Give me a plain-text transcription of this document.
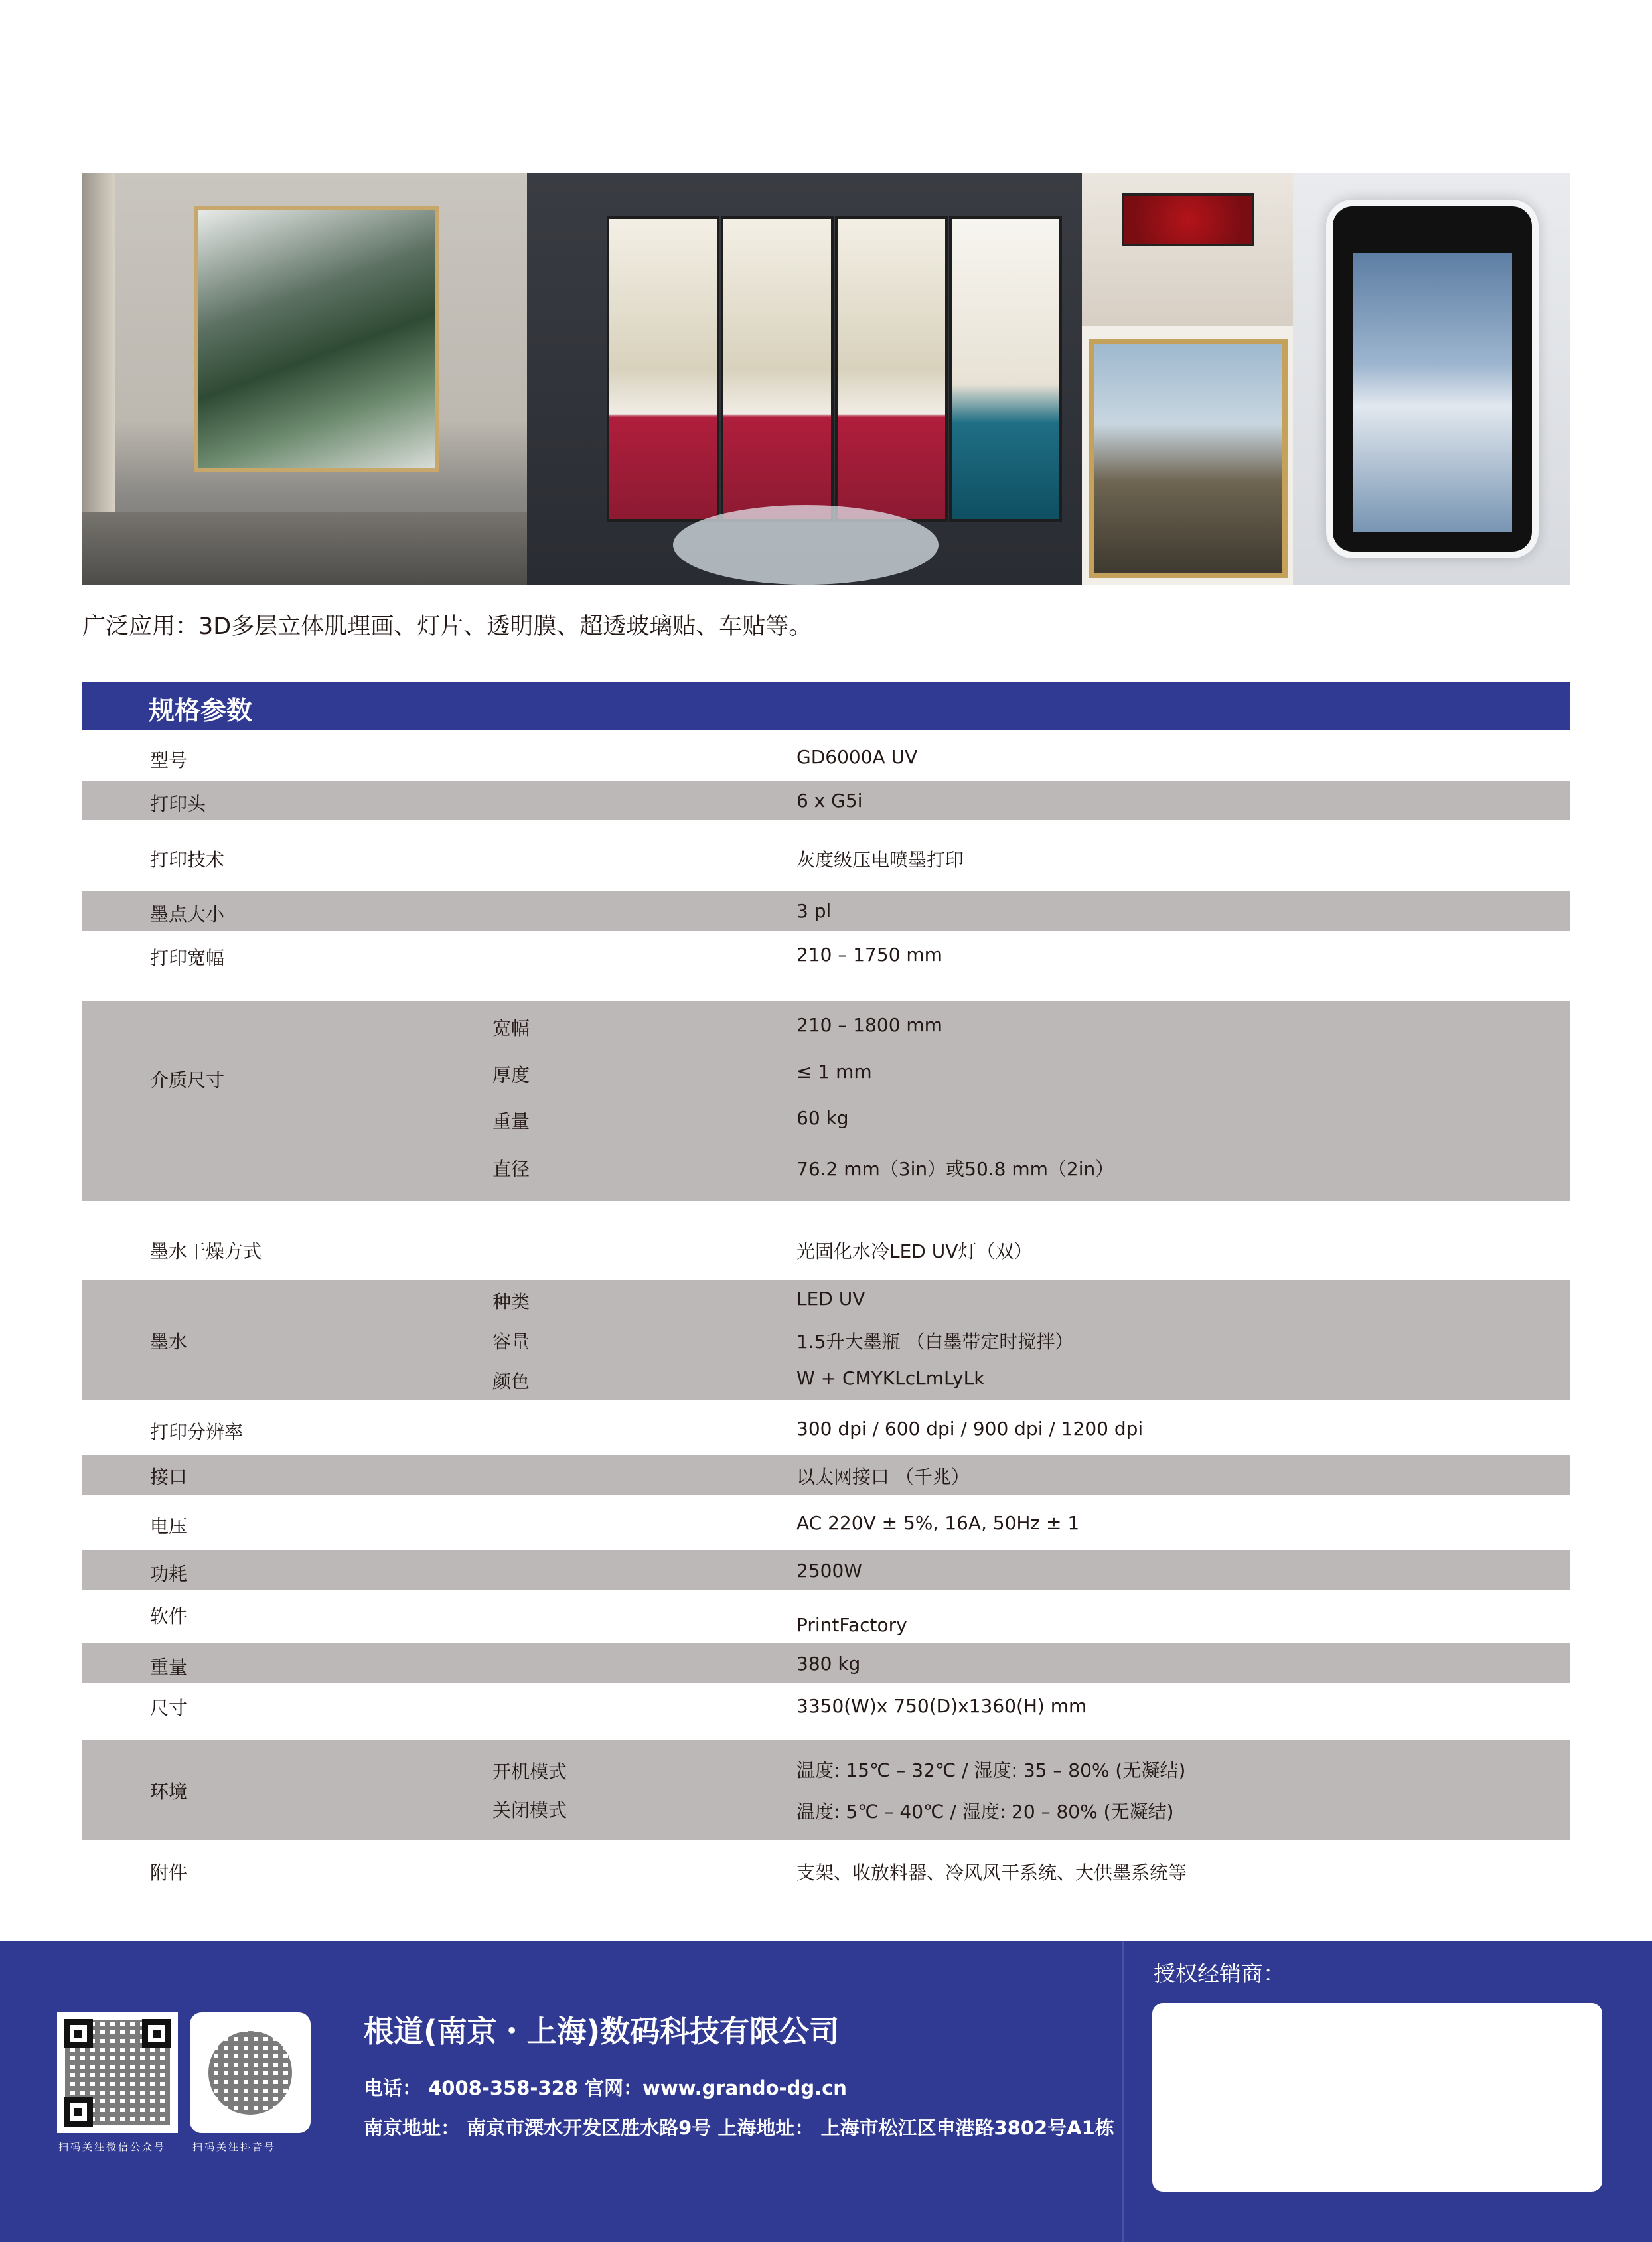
广泛应用：3D多层立体肌理画、灯片、透明膜、超透玻璃贴、车贴等。
规格参数
型号	GD6000A UV
打印头	6 x G5i
打印技术	灰度级压电喷墨打印
墨点大小	3 pl
打印宽幅	210 – 1750 mm
介质尺寸
宽幅	210 – 1800 mm
厚度	≤ 1 mm
重量	60 kg
直径	76.2 mm（3in）或50.8 mm（2in）
墨水干燥方式	光固化水冷LED UV灯（双）
墨水
种类	LED UV
容量	1.5升大墨瓶 （白墨带定时搅拌）
颜色	W + CMYKLcLmLyLk
打印分辨率	300 dpi / 600 dpi / 900 dpi / 1200 dpi
接口	以太网接口 （千兆）
电压	AC 220V ± 5%, 16A, 50Hz ± 1
功耗	2500W
软件	PrintFactory
重量	380 kg
尺寸	3350(W)x 750(D)x1360(H) mm
环境
开机模式	温度: 15℃ – 32℃ / 湿度: 35 – 80% (无凝结)
关闭模式	温度: 5℃ – 40℃ / 湿度: 20 – 80% (无凝结)
附件	支架、收放料器、冷风风干系统、大供墨系统等
扫码关注微信公众号	扫码关注抖音号
根道(南京・上海)数码科技有限公司
电话： 4008-358-328 官网：www.grando-dg.cn
南京地址： 南京市溧水开发区胜水路9号 上海地址： 上海市松江区申港路3802号A1栋
授权经销商：
